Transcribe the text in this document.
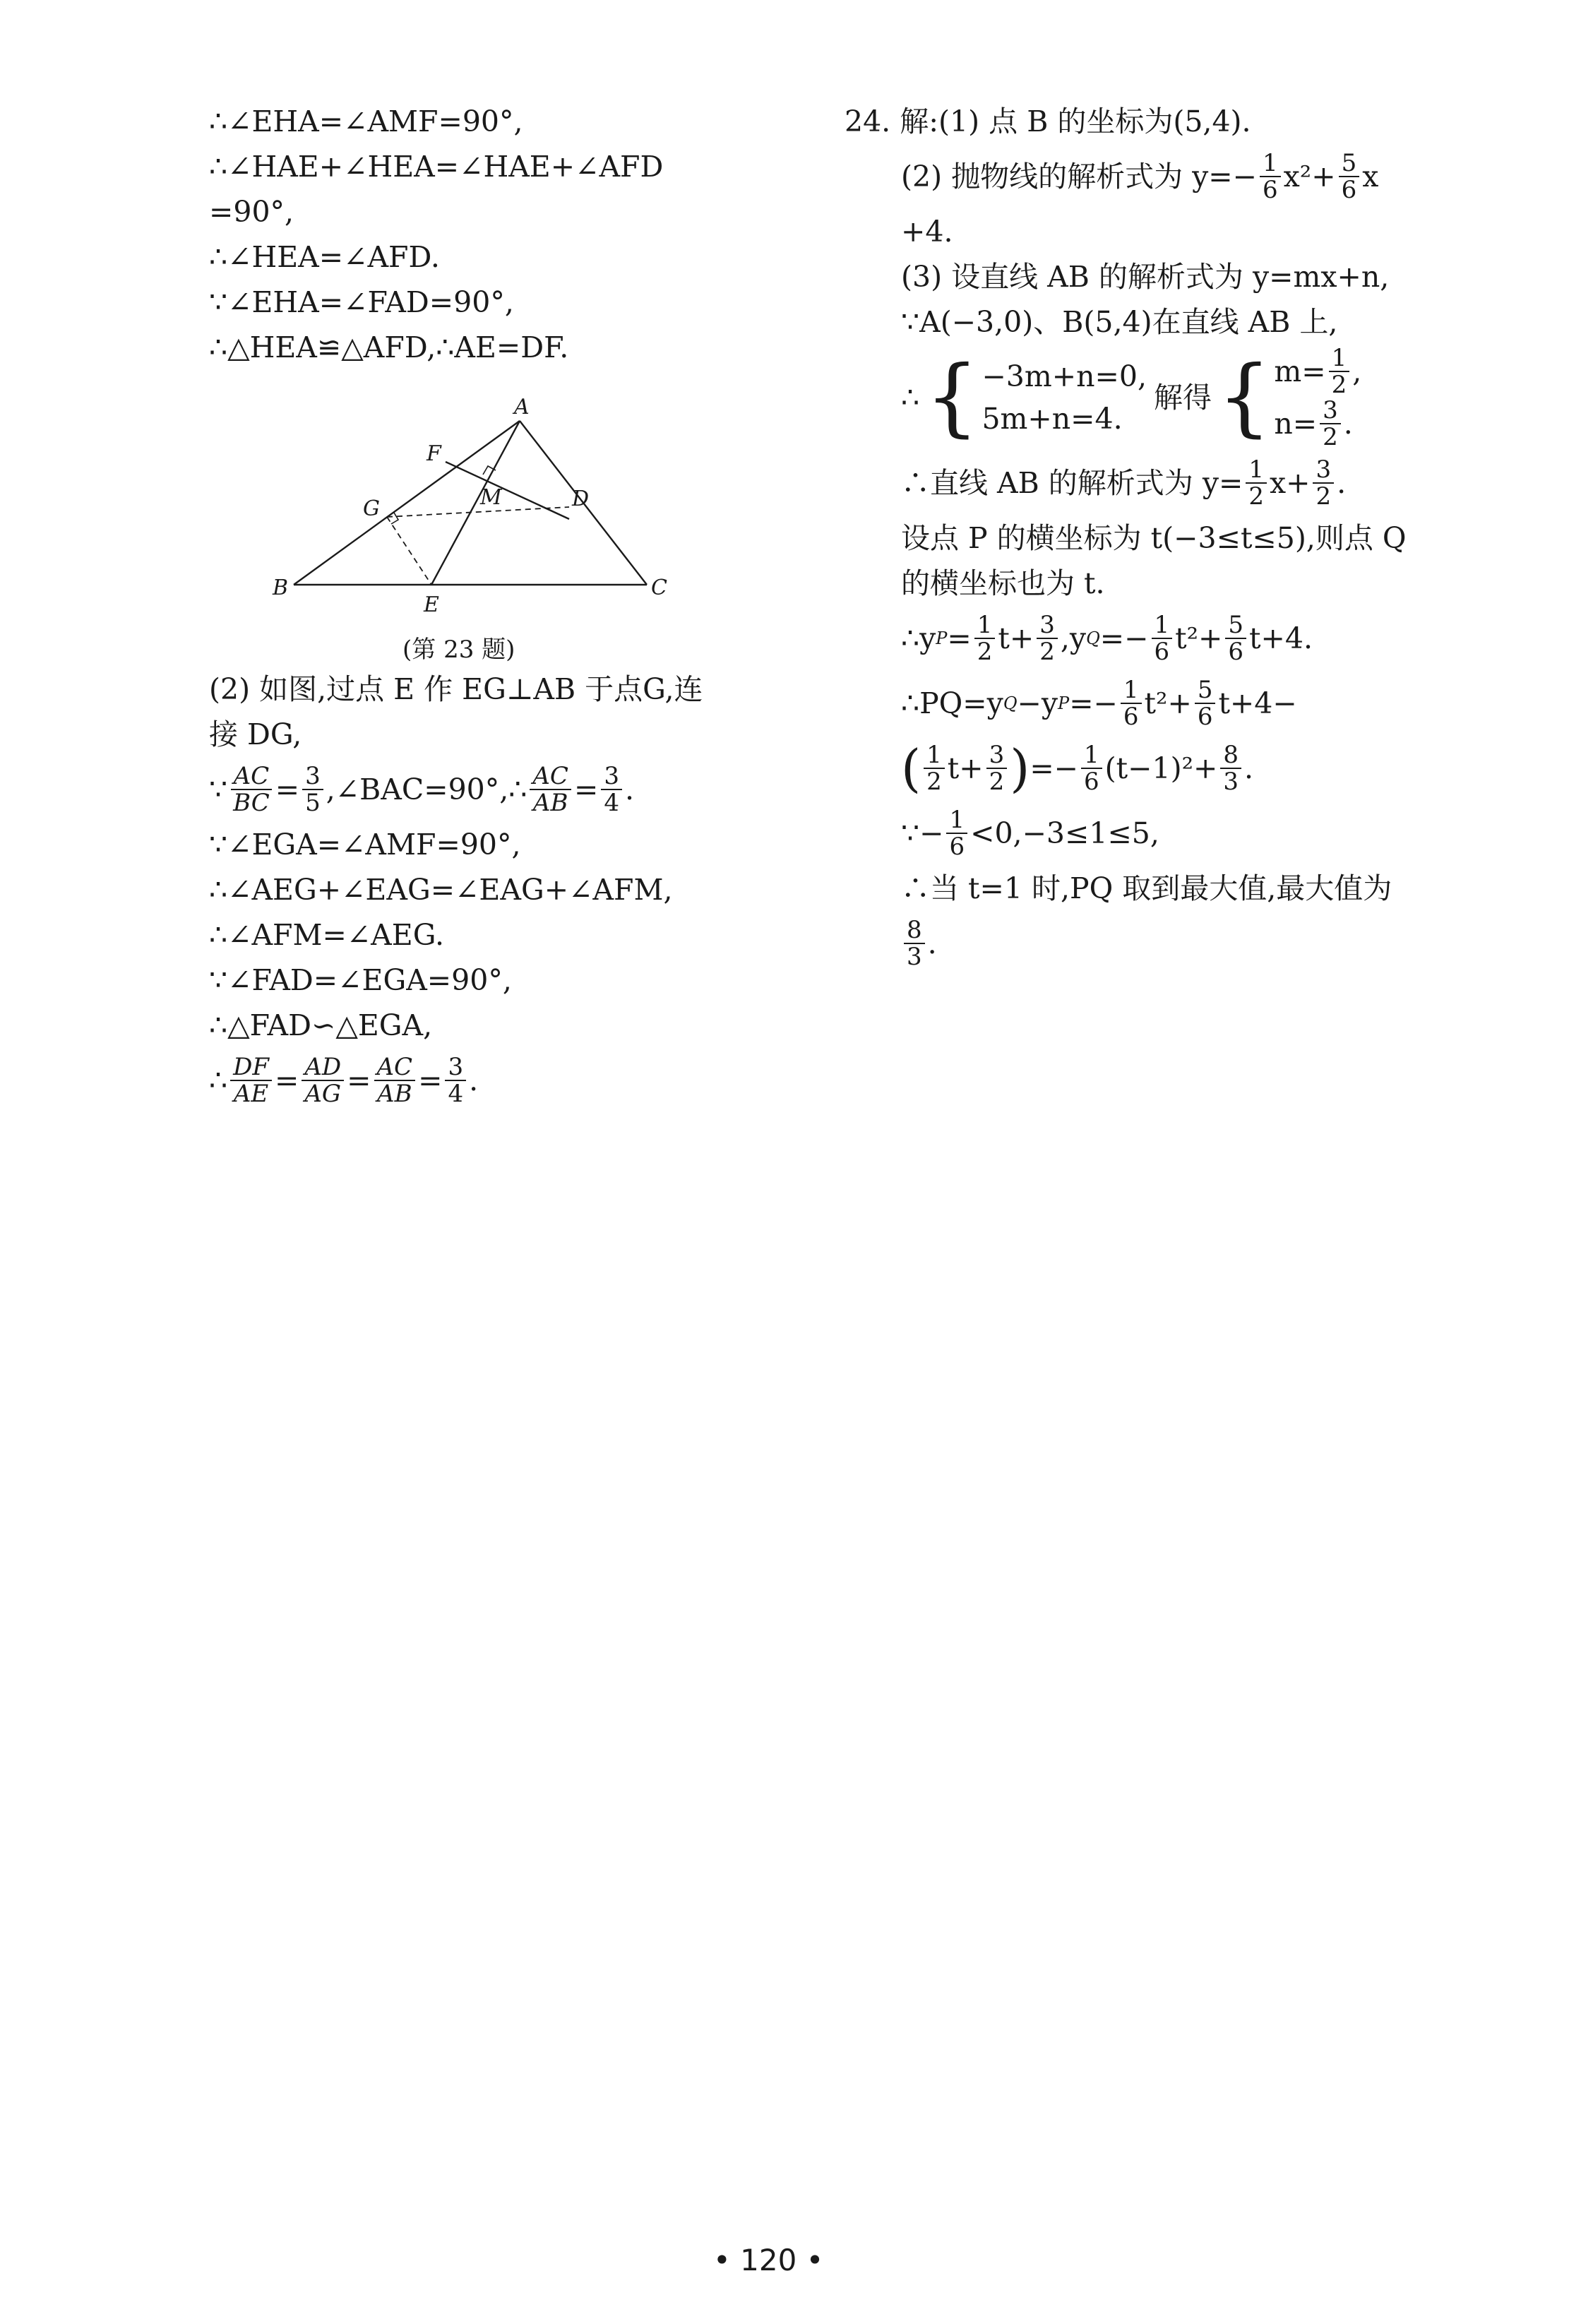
∴∠EHA=∠AMF=90°,
∴∠HAE+∠HEA=∠HAE+∠AFD
=90°,
∴∠HEA=∠AFD.
∵∠EHA=∠FAD=90°,
∴△HEA≌△AFD,∴AE=DF.
A
F
G	M	D
B
E
C
(第 23 题)
(2) 如图,过点 E 作 EG⊥AB 于点G,连
接 DG,
∵ $\frac{AC}{BC} = \frac{3}{5}$ ,∠BAC=90°,∴ $\frac{AC}{AB} = \frac{3}{4}$ .
∵∠EGA=∠AMF=90°,
∴∠AEG+∠EAG=∠EAG+∠AFM,
∴∠AFM=∠AEG.
∵∠FAD=∠EGA=90°,
∴△FAD∽△EGA,
∴ $\frac{DF}{AE} = \frac{AD}{AG} = \frac{AC}{AB} = \frac{3}{4}$ .
24. 解:(1) 点 B 的坐标为(5,4).
(2) 抛物线的解析式为 $y=- \frac{1}{6} x^2+ \frac{5}{6}$ x
+4.
(3) 设直线 AB 的解析式为 y=mx+n,
∵A(−3,0)、B(5,4)在直线 AB 上,
∴ { −3m+n=0,
5m+n=4.
解得 { $m= \frac{1}{2}$ ,
$n= \frac{3}{2}$ .
∴直线 AB 的解析式为 $y= \frac{1}{2} x+ \frac{3}{2}$ .
设点 P 的横坐标为 t(−3≤t≤5),则点 Q
的横坐标也为 t.
∴y $P = \frac{1}{2} t+ \frac{3}{2} ,y$ $Q =- \frac{1}{6} t^2+ \frac{5}{6} t+4$.
∴PQ=y Q −y $P =- \frac{1}{6} t^2+ \frac{5}{6} t+4-$
( $\frac{1}{2} t+ \frac{3}{2}$ ) =− $\frac{1}{6} (t-1)^2+ \frac{8}{3}$ .
∵− $\frac{1}{6} <0,-3\le 1\le 5$,
∴当 t=1 时,PQ 取到最大值,最大值为
$\frac{8}{3}$ .
• 120 •
